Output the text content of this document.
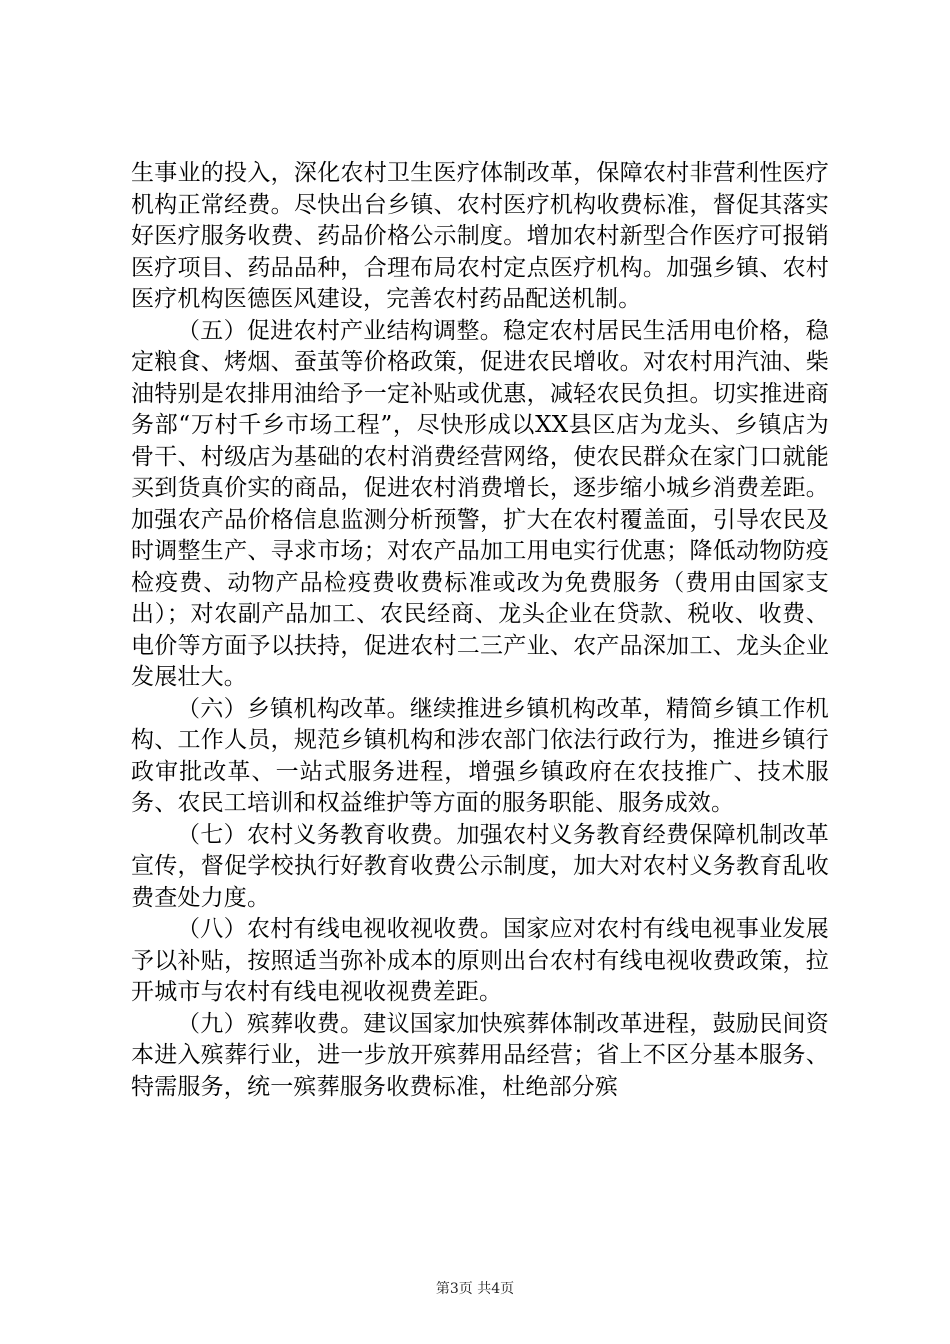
生事业的投入，深化农村卫生医疗体制改革，保障农村非营利性医疗机构正常经费。尽快出台乡镇、农村医疗机构收费标准，督促其落实好医疗服务收费、药品价格公示制度。增加农村新型合作医疗可报销医疗项目、药品品种，合理布局农村定点医疗机构。加强乡镇、农村医疗机构医德医风建设，完善农村药品配送机制。

（五）促进农村产业结构调整。稳定农村居民生活用电价格，稳定粮食、烤烟、蚕茧等价格政策，促进农民增收。对农村用汽油、柴油特别是农排用油给予一定补贴或优惠，减轻农民负担。切实推进商务部“万村千乡市场工程”，尽快形成以XX县区店为龙头、乡镇店为骨干、村级店为基础的农村消费经营网络，使农民群众在家门口就能买到货真价实的商品，促进农村消费增长，逐步缩小城乡消费差距。加强农产品价格信息监测分析预警，扩大在农村覆盖面，引导农民及时调整生产、寻求市场；对农产品加工用电实行优惠；降低动物防疫检疫费、动物产品检疫费收费标准或改为免费服务（费用由国家支出）；对农副产品加工、农民经商、龙头企业在贷款、税收、收费、电价等方面予以扶持，促进农村二三产业、农产品深加工、龙头企业发展壮大。

（六）乡镇机构改革。继续推进乡镇机构改革，精简乡镇工作机构、工作人员，规范乡镇机构和涉农部门依法行政行为，推进乡镇行政审批改革、一站式服务进程，增强乡镇政府在农技推广、技术服务、农民工培训和权益维护等方面的服务职能、服务成效。

（七）农村义务教育收费。加强农村义务教育经费保障机制改革宣传，督促学校执行好教育收费公示制度，加大对农村义务教育乱收费查处力度。

（八）农村有线电视收视收费。国家应对农村有线电视事业发展予以补贴，按照适当弥补成本的原则出台农村有线电视收费政策，拉开城市与农村有线电视收视费差距。

（九）殡葬收费。建议国家加快殡葬体制改革进程，鼓励民间资本进入殡葬行业，进一步放开殡葬用品经营；省上不区分基本服务、特需服务，统一殡葬服务收费标准，杜绝部分殡

第3页 共4页
